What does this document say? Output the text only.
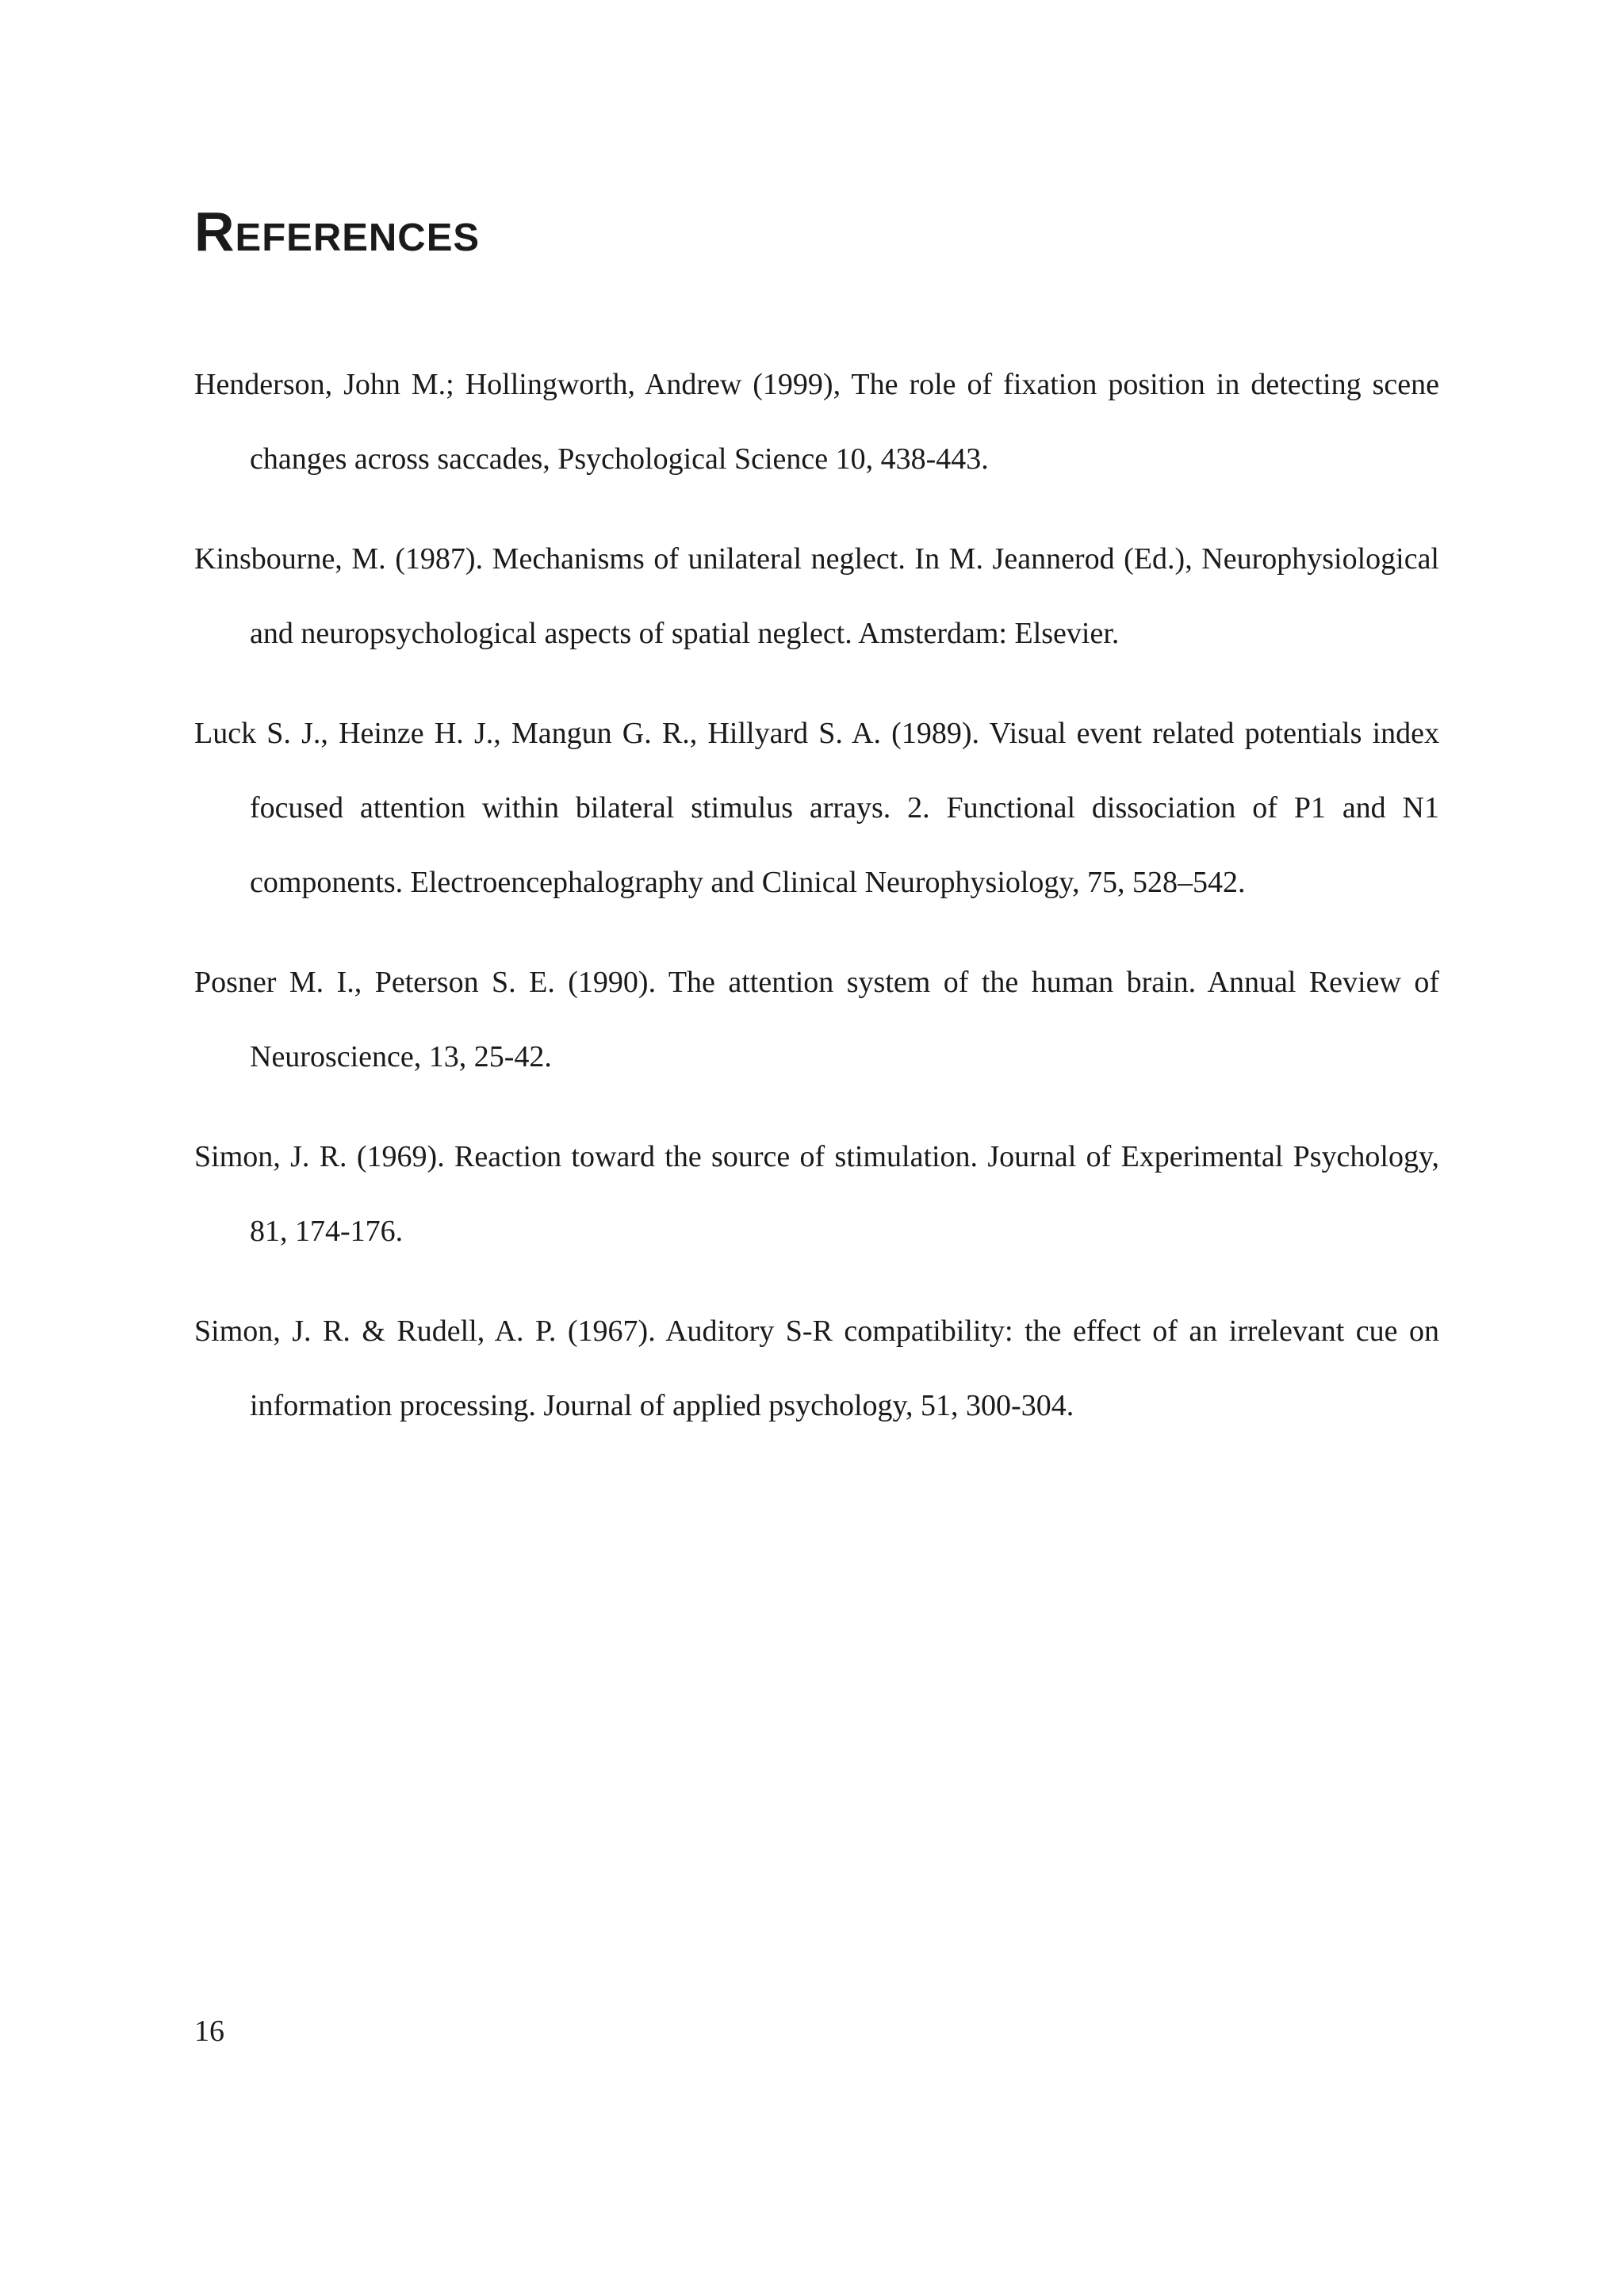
References
Henderson, John M.; Hollingworth, Andrew (1999), The role of fixation position in detecting scene changes across saccades, Psychological Science 10, 438-443.
Kinsbourne, M. (1987). Mechanisms of unilateral neglect. In M. Jeannerod (Ed.), Neurophysiological and neuropsychological aspects of spatial neglect. Amsterdam: Elsevier.
Luck S. J., Heinze H. J., Mangun G. R., Hillyard S. A. (1989). Visual event related potentials index focused attention within bilateral stimulus arrays. 2. Functional dissociation of P1 and N1 components. Electroencephalography and Clinical Neurophysiology, 75, 528–542.
Posner M. I., Peterson S. E. (1990). The attention system of the human brain. Annual Review of Neuroscience, 13, 25-42.
Simon, J. R. (1969). Reaction toward the source of stimulation. Journal of Experimental Psychology, 81, 174-176.
Simon, J. R. & Rudell, A. P. (1967). Auditory S-R compatibility: the effect of an irrelevant cue on information processing. Journal of applied psychology, 51, 300-304.
16
